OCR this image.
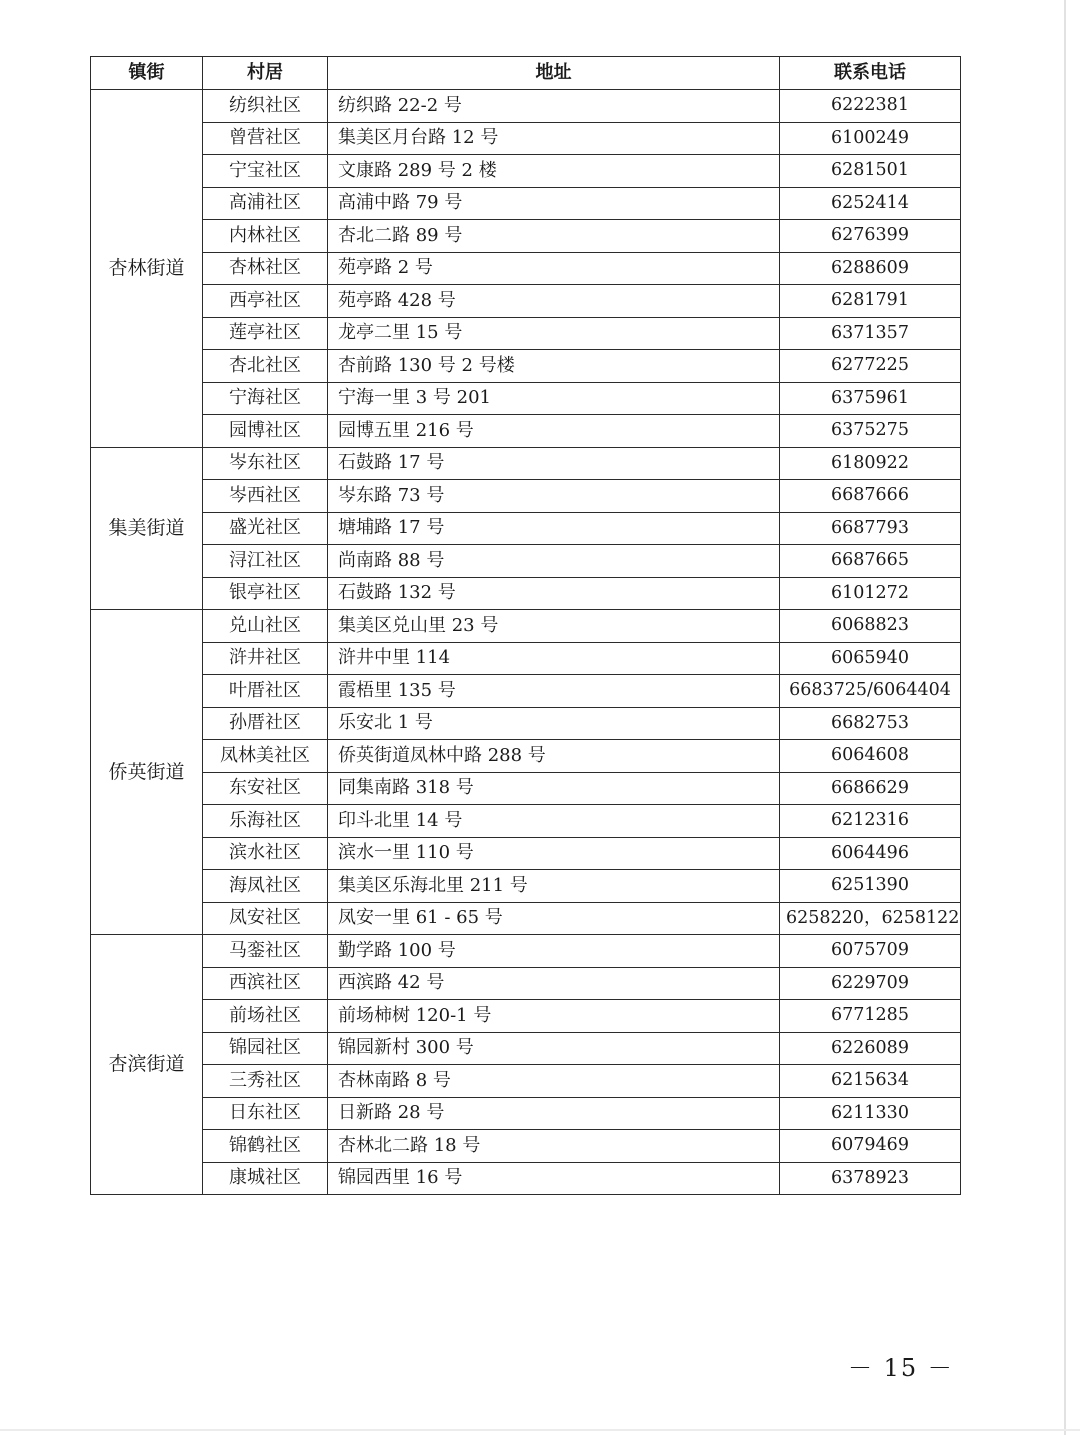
镇街	村居	地址	联系电话
杏林街道	纺织社区	纺织路 22-2 号	6222381
	曾营社区	集美区月台路 12 号	6100249
	宁宝社区	文康路 289 号 2 楼	6281501
	高浦社区	高浦中路 79 号	6252414
	内林社区	杏北二路 89 号	6276399
	杏林社区	苑亭路 2 号	6288609
	西亭社区	苑亭路 428 号	6281791
	莲亭社区	龙亭二里 15 号	6371357
	杏北社区	杏前路 130 号 2 号楼	6277225
	宁海社区	宁海一里 3 号 201	6375961
	园博社区	园博五里 216 号	6375275
集美街道	岑东社区	石鼓路 17 号	6180922
	岑西社区	岑东路 73 号	6687666
	盛光社区	塘埔路 17 号	6687793
	浔江社区	尚南路 88 号	6687665
	银亭社区	石鼓路 132 号	6101272
侨英街道	兑山社区	集美区兑山里 23 号	6068823
	浒井社区	浒井中里 114	6065940
	叶厝社区	霞梧里 135 号	6683725/6064404
	孙厝社区	乐安北 1 号	6682753
	凤林美社区	侨英街道凤林中路 288 号	6064608
	东安社区	同集南路 318 号	6686629
	乐海社区	印斗北里 14 号	6212316
	滨水社区	滨水一里 110 号	6064496
	海凤社区	集美区乐海北里 211 号	6251390
	凤安社区	凤安一里 61 - 65 号	6258220，6258122
杏滨街道	马銮社区	勤学路 100 号	6075709
	西滨社区	西滨路 42 号	6229709
	前场社区	前场柿树 120-1 号	6771285
	锦园社区	锦园新村 300 号	6226089
	三秀社区	杏林南路 8 号	6215634
	日东社区	日新路 28 号	6211330
	锦鹤社区	杏林北二路 18 号	6079469
	康城社区	锦园西里 16 号	6378923
－ 15 －
